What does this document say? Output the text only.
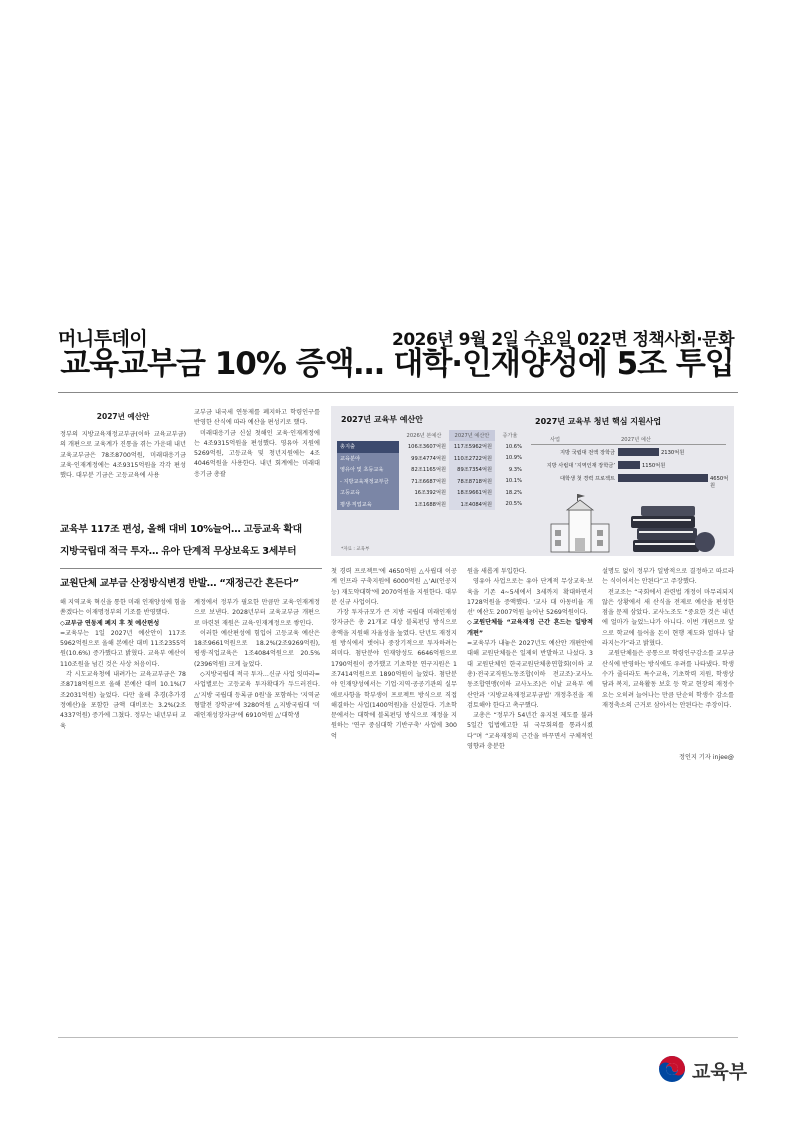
머니투데이	2026년 9월 2일 수요일 022면 정책사회·문화
교육교부금 10% 증액… 대학·인재양성에 5조 투입
2027년 예산안

정부의 지방교육재정교부금(이하 교육교부금)의 개편으로 교육계가 진통을 겪는 가운데 내년 교육교부금은 78조8700억원, 미래대응기금 교육·인재계정에는 4조9315억원을 각각 편성했다. 대부분 기금은 고등교육에 사용

교부금 내국세 연동제를 폐지하고 학령인구를 반영한 산식에 따라 예산을 편성키로 했다.

미래대응기금 신설 첫해인 교육·인재계정에는 4조9315억원을 편성했다. 영유아 지원에 5269억원, 고등교육 및 청년지원에는 4조4046억원을 사용한다. 내년 회계에는 미래대응기금 총괄

교육부 117조 편성, 올해 대비 10%늘어… 고등교육 확대
지방국립대 적극 투자… 유아 단계적 무상보육도 3세부터
교원단체 교부금 산정방식변경 반발… “재정근간 흔든다”
2027년 교육부 예산안
	2026년 본예산	2027년 예산안	증가율
총지출	106조3607억원	117조5962억원	10.6%
교육분야	99조4774억원	110조2722억원	10.9%
영유아 및 초등교육	82조1165억원	89조7354억원	9.3%
- 지방교육재정교부금	71조6687억원	78조8718억원	10.1%
고등교육	16조392억원	18조9661억원	18.2%
평생·직업교육	1조1688억원	1조4084억원	20.5%
*자료 : 교육부
2027년 교육부 청년 핵심 지원사업
사업	2027년 예산
지방 국립대 전액 장학금	2130억원
지방 사립대 ‘지역인재 장학금’	1150억원
대학생 첫 경력 프로젝트	4650억원

해 지역교육 혁신을 통한 미래 인재양성에 힘을 쏟겠다는 이재명정부의 기조를 반영했다.

◇교부금 연동제 폐지 후 첫 예산편성

=교육부는 1일 2027년 예산안이 117조5962억원으로 올해 본예산 대비 11조2355억원(10.6%) 증가했다고 밝혔다. 교육부 예산이 110조원을 넘긴 것은 사상 처음이다.

각 시도교육청에 내려가는 교육교부금은 78조8718억원으로 올해 본예산 대비 10.1%(7조2031억원) 늘었다. 다만 올해 추경(추가경정예산)을 포함한 금액 대비로는 3.2%(2조4337억원) 증가에 그쳤다. 정부는 내년부터 교육

계정에서 정부가 필요한 만큼만 교육·인재계정으로 보낸다. 2028년부터 교육교부금 개편으로 마련된 재원은 교육·인재계정으로 쌓인다.

이러한 예산편성에 힘입어 고등교육 예산은 18조9661억원으로 18.2%(2조9269억원), 평생·직업교육은 1조4084억원으로 20.5%(2396억원) 크게 늘었다.

◇지방국립대 적극 투자…신규 사업 잇따라=사업별로는 고등교육 투자확대가 두드러진다. △'지방 국립대 등록금 0원'을 포함하는 '지역균형발전 장학금'에 3280억원 △지방국립대 '미래인재성장자금'에 6910억원 △'대학생

첫 경력 프로젝트'에 4650억원 △사립대 이공계 인프라 구축지원에 6000억원 △'AI(인공지능) 재도약대학'에 2070억원을 지원한다. 대부분 신규 사업이다.

가장 투자규모가 큰 지방 국립대 미래인재성장자금은 총 21개교 대상 블록펀딩 방식으로 총액을 지원해 자율성을 높였다. 단년도 재정지원 방식에서 벗어나 중장기적으로 투자하려는 의미다. 첨단분야 인재양성도 6646억원으로 1790억원이 증가했고 기초학문 연구지원은 1조7414억원으로 1890억원이 늘었다. 첨단분야 인재양성에서는 기업·지역·공공기관의 실무애로사항을 학부생이 프로젝트 방식으로 직접 해결하는 사업(1400억원)을 신설한다. 기초학문에서는 대학에 블록펀딩 방식으로 재정을 지원하는 '연구 중심대학 기반구축' 사업에 300억

원을 새롭게 투입한다.

영유아 사업으로는 유아 단계적 무상교육·보육을 기존 4~5세에서 3세까지 확대하면서 1728억원을 증액했다. '교사 대 아동비율 개선' 예산도 2007억원 늘어난 5269억원이다.

◇교원단체들 “교육재정 근간 흔드는 일방적 개편”

=교육부가 내놓은 2027년도 예산안 개편안에 대해 교원단체들은 일제히 반발하고 나섰다. 3대 교원단체인 한국교원단체총연합회(이하 교총)·전국교직원노동조합(이하 전교조)·교사노동조합연맹(이하 교사노조)은 이날 교육부 예산안과 '지방교육재정교부금법' 개정추진을 재검토해야 한다고 촉구했다.

교총은 “정부가 54년간 유지된 제도를 불과 5일간 입법예고한 뒤 국무회의를 통과시켰다”며 “교육재정의 근간을 바꾸면서 구체적인 영향과 충분한

설명도 없이 정부가 일방적으로 결정하고 따르라는 식이어서는 안된다”고 주장했다.

전교조는 “국회에서 관련법 개정이 마무리되지 않은 상황에서 새 산식을 전제로 예산을 편성한 점을 문제 삼았다. 교사노조도 “중요한 것은 내년에 얼마가 늘었느냐가 아니다. 이번 개편으로 앞으로 학교에 들어올 돈이 현행 제도와 얼마나 달라지는가”라고 밝혔다.

교원단체들은 공통으로 학령인구감소를 교부금 산식에 반영하는 방식에도 우려를 나타냈다. 학생수가 줄더라도 특수교육, 기초학력 지원, 학생상담과 복지, 교육활동 보호 등 학교 현장의 재정수요는 오히려 늘어나는 만큼 단순히 학생수 감소를 재정축소의 근거로 삼아서는 안된다는 주장이다.

정인지 기자 injee@
교육부
